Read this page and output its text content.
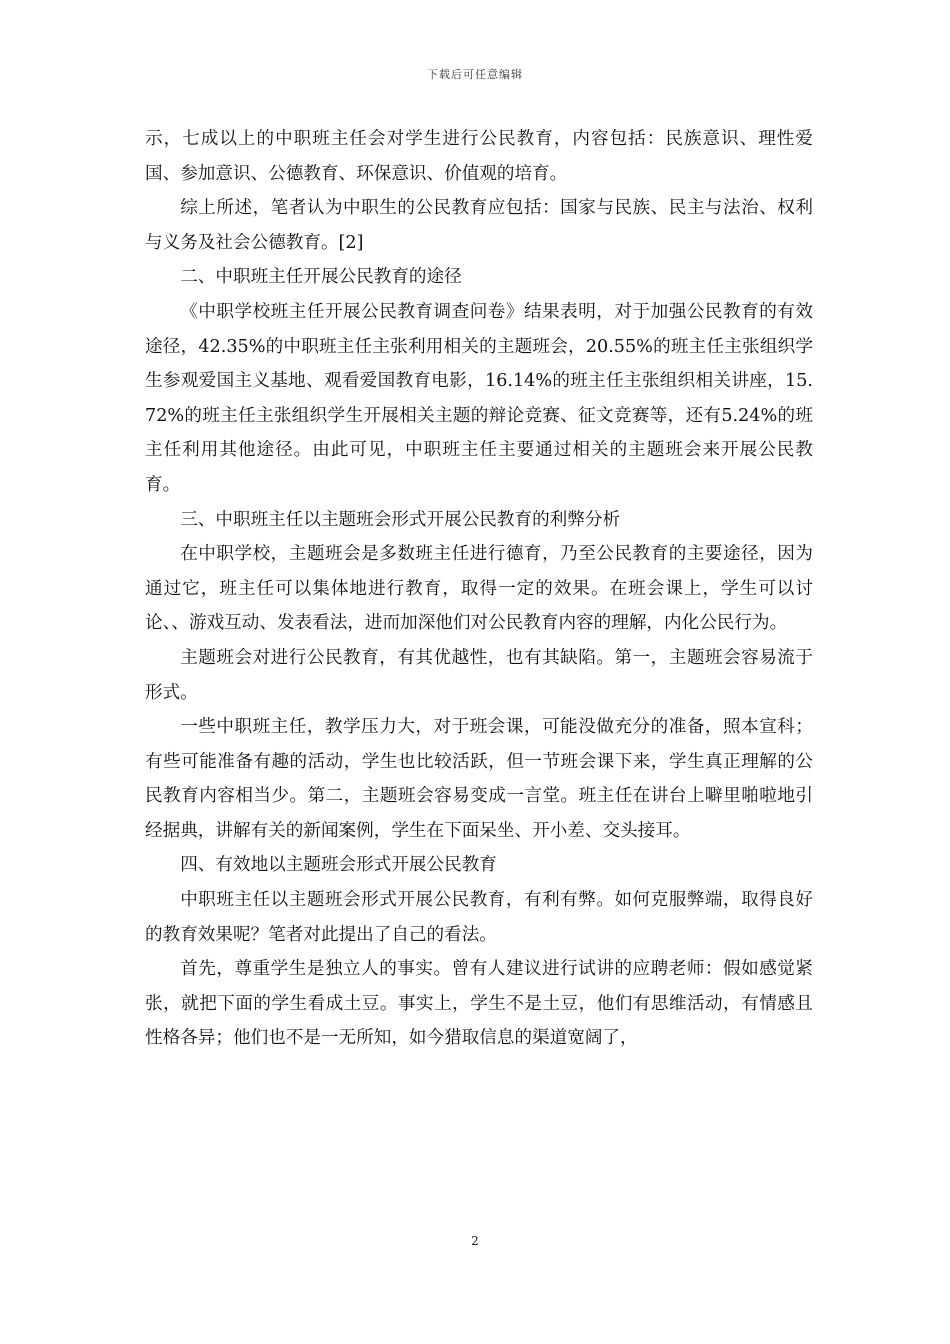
下载后可任意编辑

示，七成以上的中职班主任会对学生进行公民教育，内容包括：民族意识、理性爱国、参加意识、公德教育、环保意识、价值观的培育。

综上所述，笔者认为中职生的公民教育应包括：国家与民族、民主与法治、权利与义务及社会公德教育。[2]

二、中职班主任开展公民教育的途径

《中职学校班主任开展公民教育调查问卷》结果表明，对于加强公民教育的有效途径，42.35%的中职班主任主张利用相关的主题班会，20.55%的班主任主张组织学生参观爱国主义基地、观看爱国教育电影，16.14%的班主任主张组织相关讲座，15.72%的班主任主张组织学生开展相关主题的辩论竞赛、征文竞赛等，还有5.24%的班主任利用其他途径。由此可见，中职班主任主要通过相关的主题班会来开展公民教育。

三、中职班主任以主题班会形式开展公民教育的利弊分析

在中职学校，主题班会是多数班主任进行德育，乃至公民教育的主要途径，因为通过它，班主任可以集体地进行教育，取得一定的效果。在班会课上，学生可以讨论、、游戏互动、发表看法，进而加深他们对公民教育内容的理解，内化公民行为。

主题班会对进行公民教育，有其优越性，也有其缺陷。第一，主题班会容易流于形式。

一些中职班主任，教学压力大，对于班会课，可能没做充分的准备，照本宣科；有些可能准备有趣的活动，学生也比较活跃，但一节班会课下来，学生真正理解的公民教育内容相当少。第二，主题班会容易变成一言堂。班主任在讲台上噼里啪啦地引经据典，讲解有关的新闻案例，学生在下面呆坐、开小差、交头接耳。

四、有效地以主题班会形式开展公民教育

中职班主任以主题班会形式开展公民教育，有利有弊。如何克服弊端，取得良好的教育效果呢？笔者对此提出了自己的看法。

首先，尊重学生是独立人的事实。曾有人建议进行试讲的应聘老师：假如感觉紧张，就把下面的学生看成土豆。事实上，学生不是土豆，他们有思维活动，有情感且性格各异；他们也不是一无所知，如今猎取信息的渠道宽阔了，

2
